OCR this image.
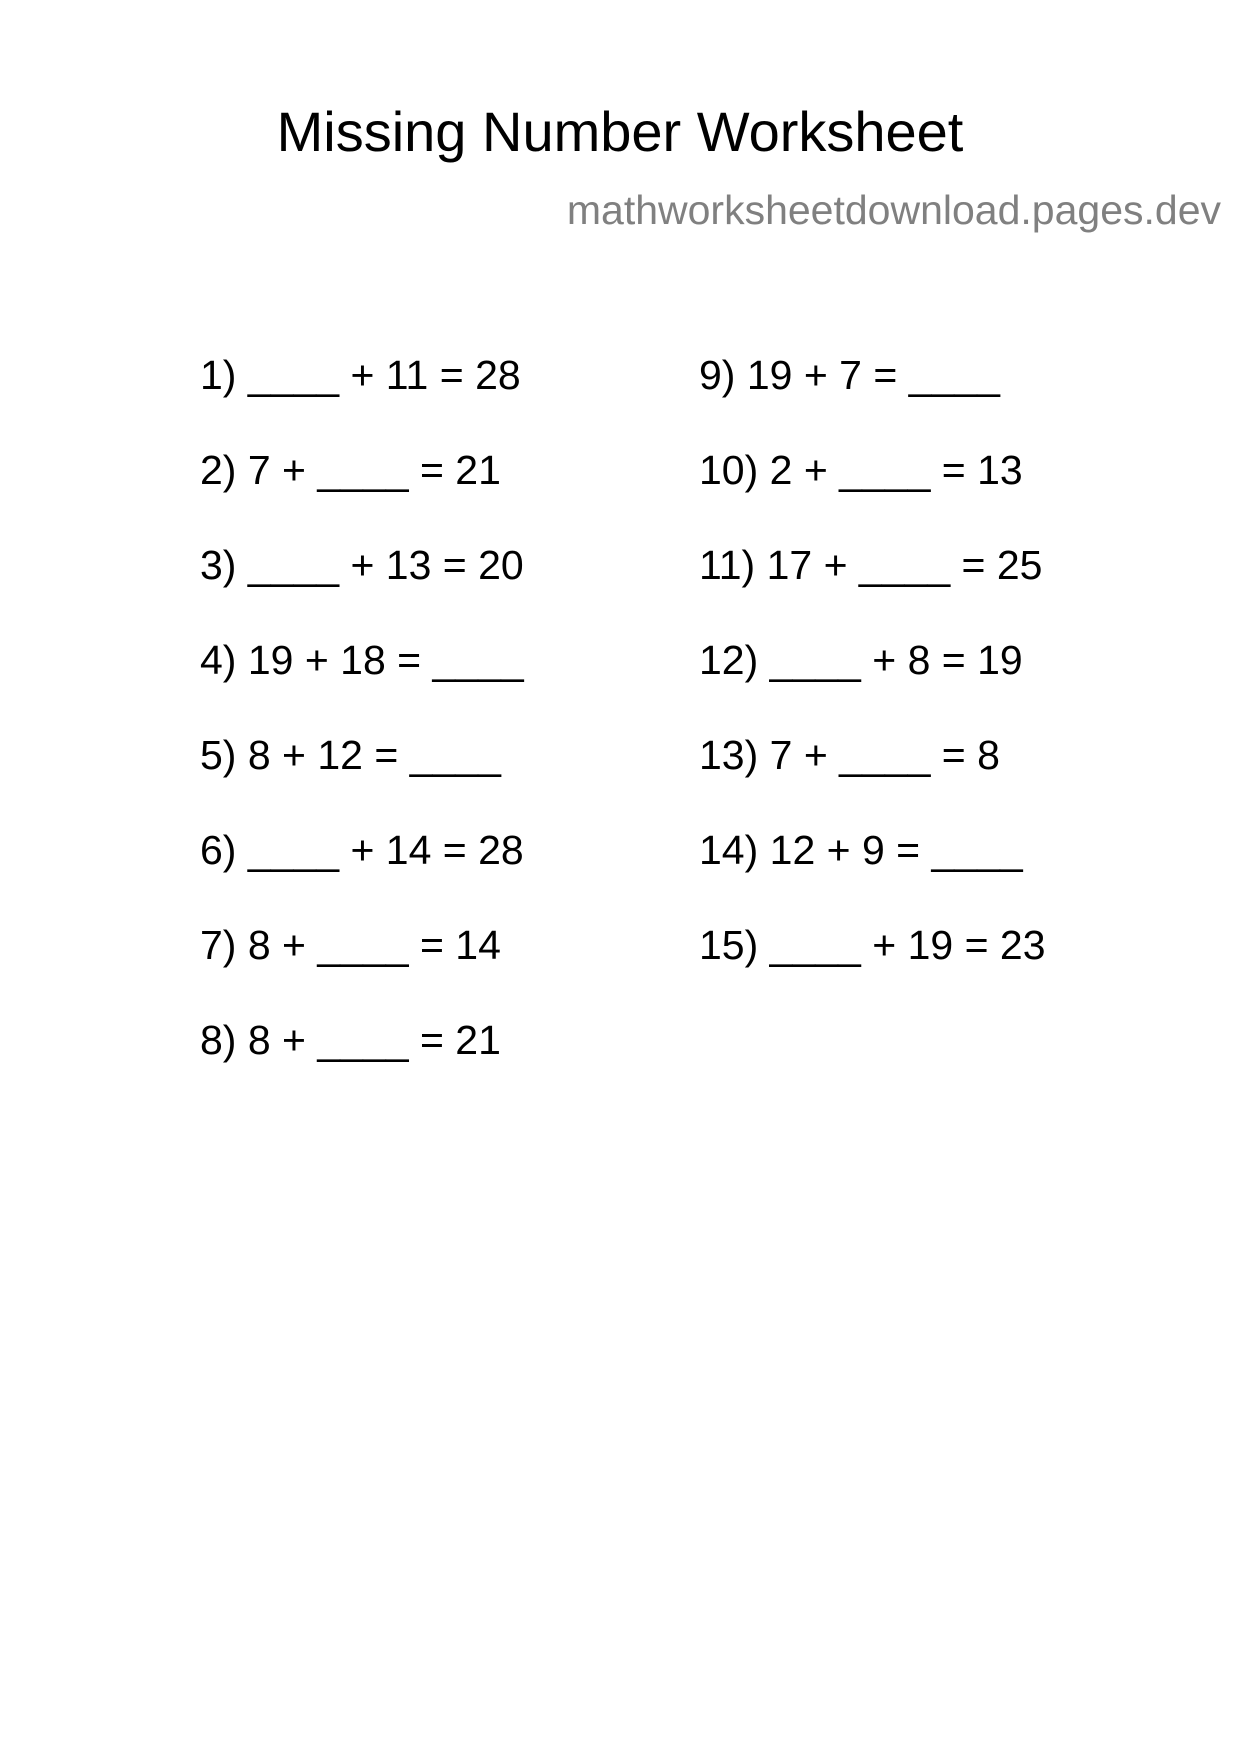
Missing Number Worksheet
mathworksheetdownload.pages.dev
1) ____ + 11 = 28
2) 7 + ____ = 21
3) ____ + 13 = 20
4) 19 + 18 = ____
5) 8 + 12 = ____
6) ____ + 14 = 28
7) 8 + ____ = 14
8) 8 + ____ = 21
9) 19 + 7 = ____
10) 2 + ____ = 13
11) 17 + ____ = 25
12) ____ + 8 = 19
13) 7 + ____ = 8
14) 12 + 9 = ____
15) ____ + 19 = 23
